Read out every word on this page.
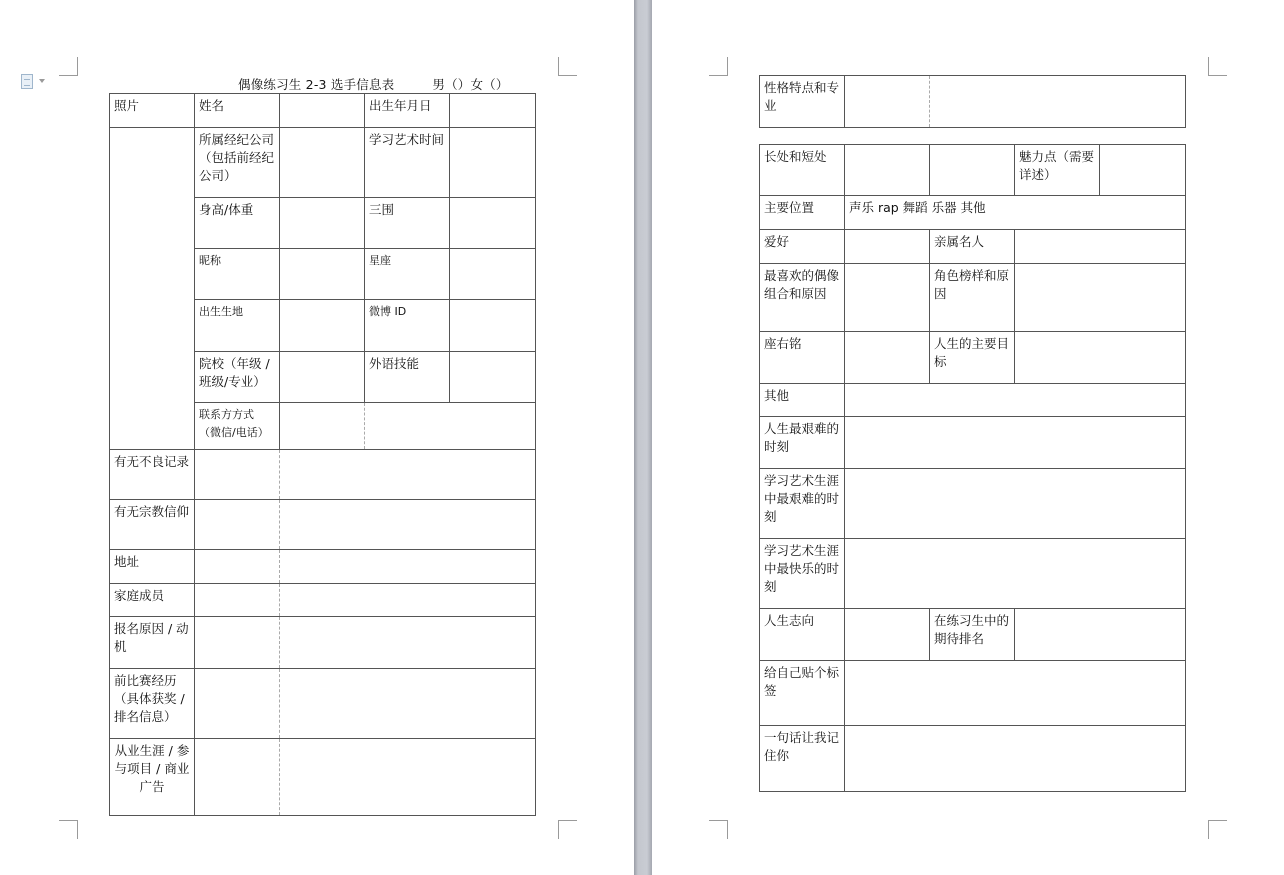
偶像练习生 2-3 选手信息表	男（）女（）
照片	姓名		出生年月日	
	所属经纪公司（包括前经纪公司）		学习艺术时间	
	身高/体重		三围	
	昵称		星座	
	出生生地		微博 ID	
	院校（年级 / 班级/专业）		外语技能	
	联系方方式（微信/电话）			
有无不良记录				
有无宗教信仰				
地址				
家庭成员				
报名原因 / 动机				
前比赛经历（具体获奖 / 排名信息）				
从业生涯 / 参与项目 / 商业广告				
性格特点和专业		
长处和短处			魅力点（需要详述）	
主要位置	声乐 rap 舞蹈 乐器 其他			
爱好		亲属名人		
最喜欢的偶像组合和原因		角色榜样和原因		
座右铭		人生的主要目标		
其他				
人生最艰难的时刻				
学习艺术生涯中最艰难的时刻				
学习艺术生涯中最快乐的时刻				
人生志向		在练习生中的期待排名		
给自己贴个标签				
一句话让我记住你				
